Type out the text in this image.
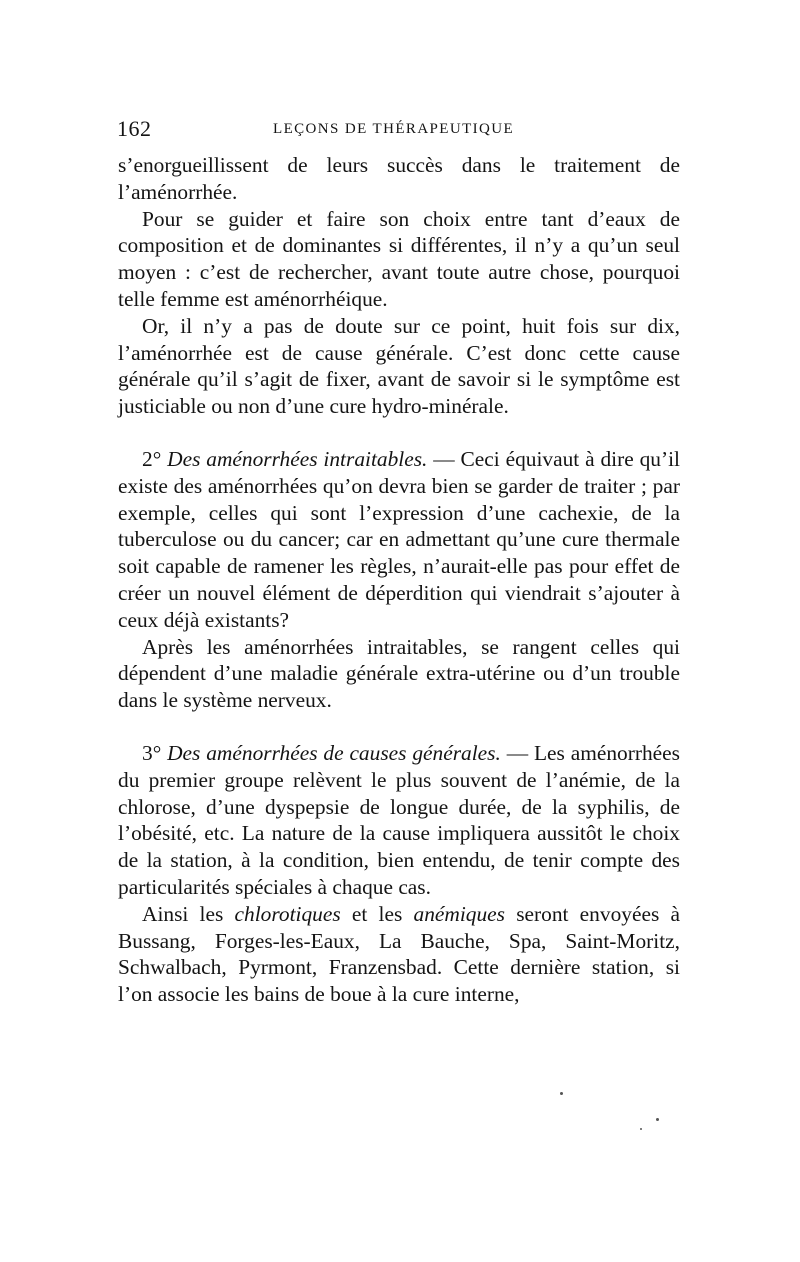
162	LEÇONS DE THÉRAPEUTIQUE

s’enorgueillissent de leurs succès dans le traitement de l’aménorrhée.

Pour se guider et faire son choix entre tant d’eaux de composition et de dominantes si différentes, il n’y a qu’un seul moyen : c’est de rechercher, avant toute autre chose, pourquoi telle femme est aménorrhéique.

Or, il n’y a pas de doute sur ce point, huit fois sur dix, l’aménorrhée est de cause générale. C’est donc cette cause générale qu’il s’agit de fixer, avant de savoir si le symptôme est justiciable ou non d’une cure hydro-minérale.

2° Des aménorrhées intraitables. — Ceci équivaut à dire qu’il existe des aménorrhées qu’on devra bien se garder de traiter ; par exemple, celles qui sont l’expression d’une cachexie, de la tuberculose ou du cancer; car en admettant qu’une cure thermale soit capable de ramener les règles, n’aurait-elle pas pour effet de créer un nouvel élément de déperdition qui viendrait s’ajouter à ceux déjà existants?

Après les aménorrhées intraitables, se rangent celles qui dépendent d’une maladie générale extra-utérine ou d’un trouble dans le système nerveux.

3° Des aménorrhées de causes générales. — Les aménorrhées du premier groupe relèvent le plus souvent de l’anémie, de la chlorose, d’une dyspepsie de longue durée, de la syphilis, de l’obésité, etc. La nature de la cause impliquera aussitôt le choix de la station, à la condition, bien entendu, de tenir compte des particularités spéciales à chaque cas.

Ainsi les chlorotiques et les anémiques seront envoyées à Bussang, Forges-les-Eaux, La Bauche, Spa, Saint-Moritz, Schwalbach, Pyrmont, Franzensbad. Cette dernière station, si l’on associe les bains de boue à la cure interne,
